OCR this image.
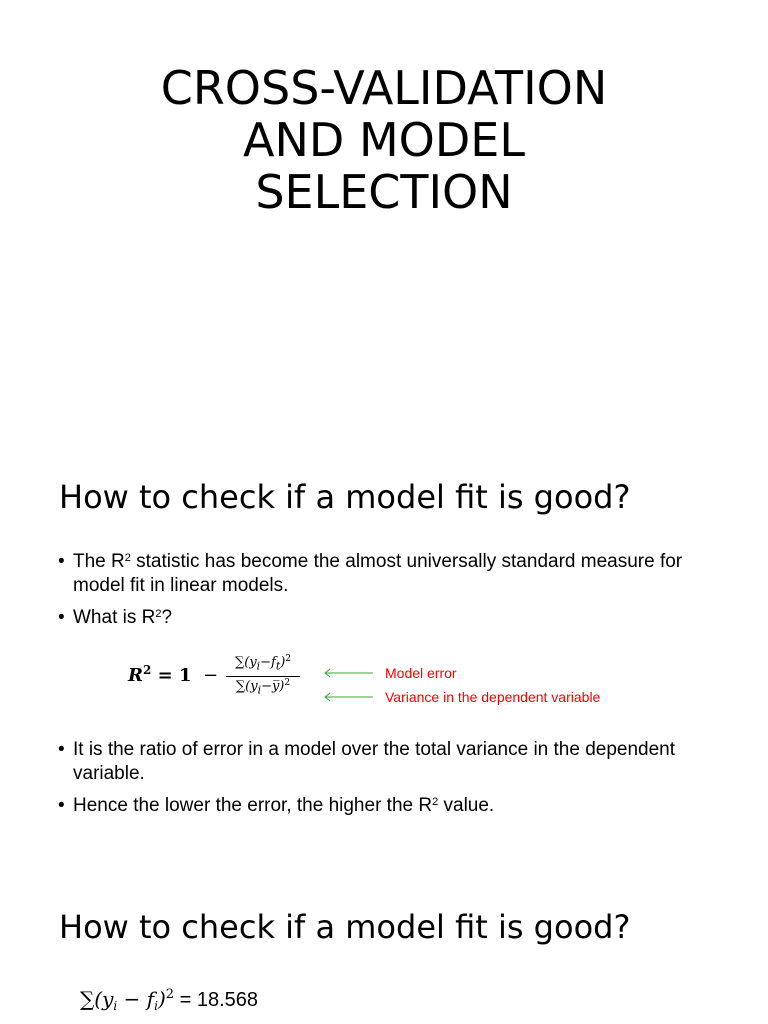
CROSS-VALIDATION
AND MODEL
SELECTION
How to check if a model fit is good?
• The $R^2$ statistic has become the almost universally standard measure for model fit in linear models.
• What is $R^2$?
$R^2 = 1$ −
$\sum(y_i-f_t)^2$
$\sum(y_i-y̅)^2$
Model error
Variance in the dependent variable
• It is the ratio of error in a model over the total variance in the dependent variable.
• Hence the lower the error, the higher the $R^2$ value.
How to check if a model fit is good?
$\sum(y_i - f_i)^2 = 18.568$
